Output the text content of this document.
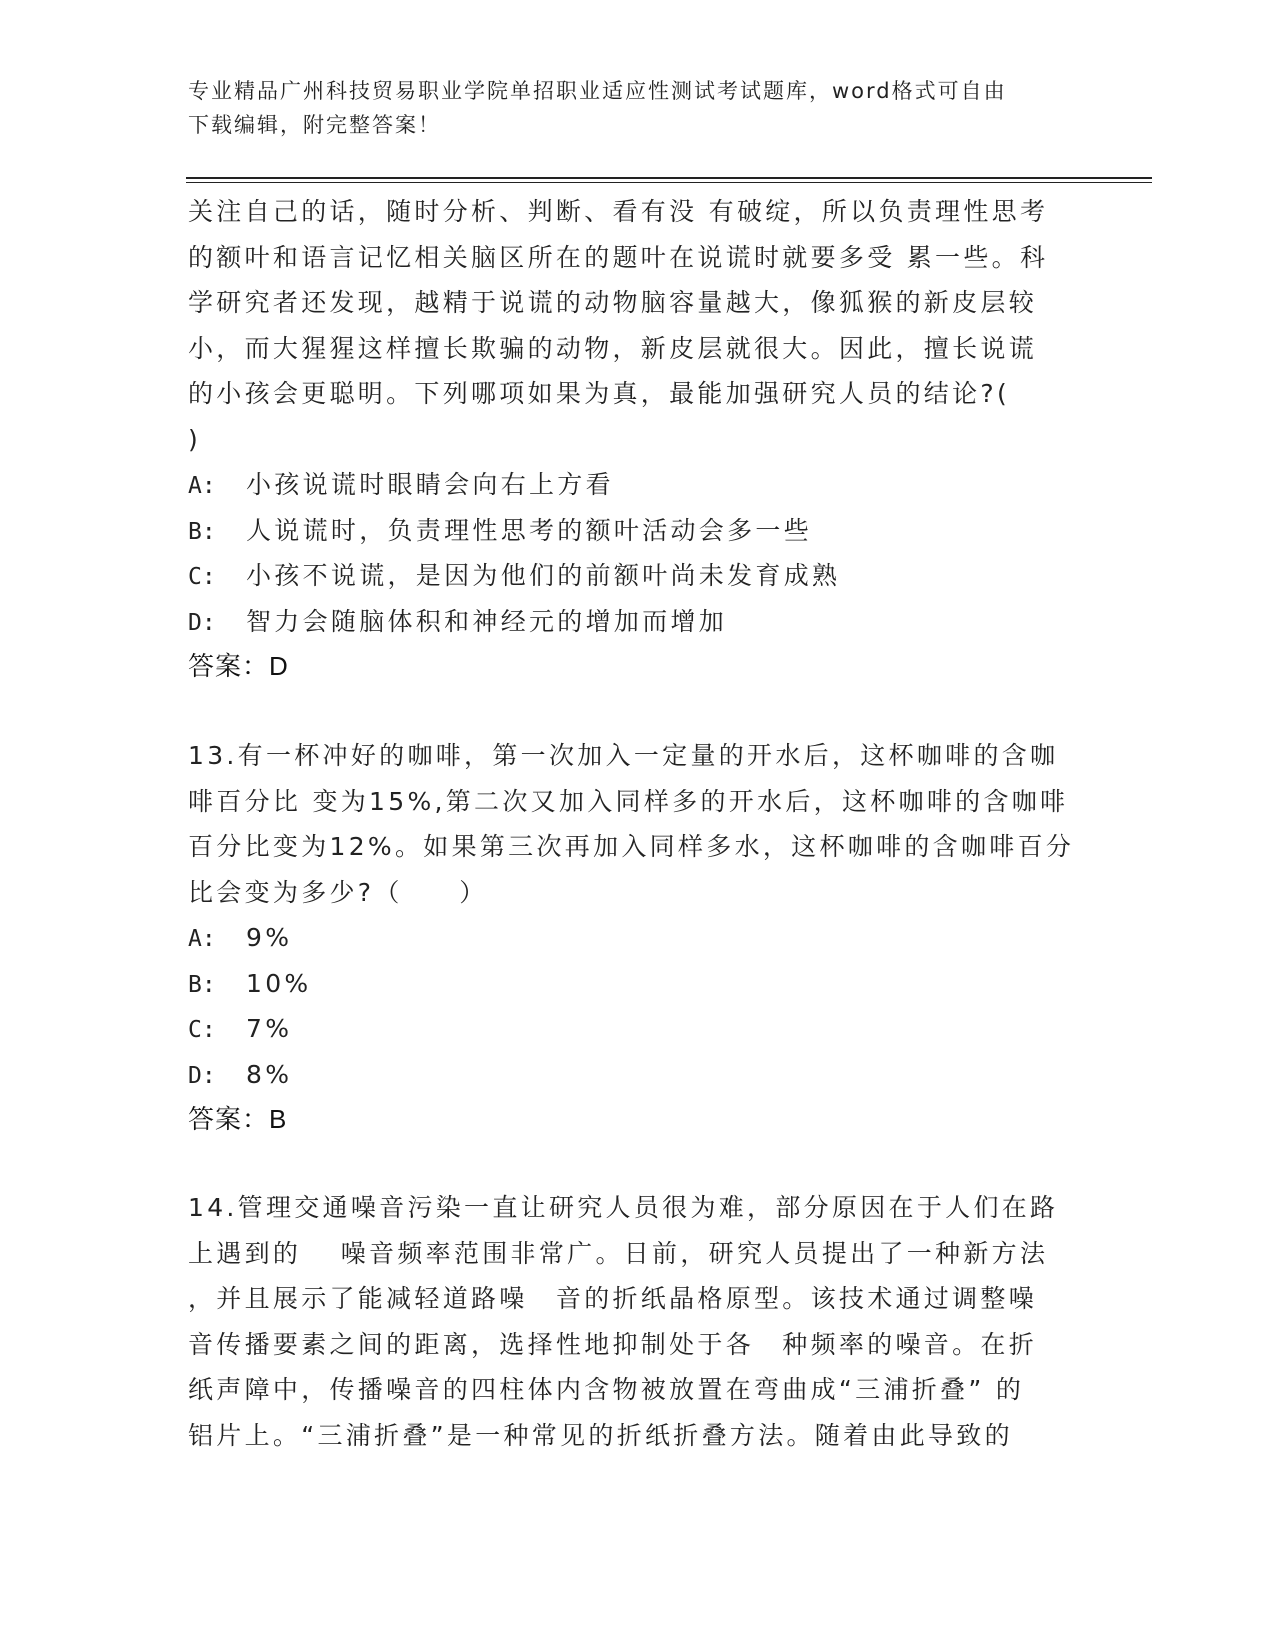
专业精品广州科技贸易职业学院单招职业适应性测试考试题库，word格式可自由
下载编辑，附完整答案！
关注自己的话，随时分析、判断、看有没 有破绽，所以负责理性思考
的额叶和语言记忆相关脑区所在的题叶在说谎时就要多受 累一些。科
学研究者还发现，越精于说谎的动物脑容量越大，像狐猴的新皮层较
小，而大猩猩这样擅长欺骗的动物，新皮层就很大。因此，擅长说谎
的小孩会更聪明。下列哪项如果为真，最能加强研究人员的结论?(
)
A: 小孩说谎时眼睛会向右上方看
B: 人说谎时，负责理性思考的额叶活动会多一些
C: 小孩不说谎，是因为他们的前额叶尚未发育成熟
D: 智力会随脑体积和神经元的增加而增加
答案：D
13.有一杯冲好的咖啡，第一次加入一定量的开水后，这杯咖啡的含咖
啡百分比 变为15%,第二次又加入同样多的开水后，这杯咖啡的含咖啡
百分比变为12%。如果第三次再加入同样多水，这杯咖啡的含咖啡百分
比会变为多少?（　　）
A: 9%
B: 10%
C: 7%
D: 8%
答案：B
14.管理交通噪音污染一直让研究人员很为难，部分原因在于人们在路
上遇到的　 噪音频率范围非常广。日前，研究人员提出了一种新方法
，并且展示了能减轻道路噪　音的折纸晶格原型。该技术通过调整噪
音传播要素之间的距离，选择性地抑制处于各　种频率的噪音。在折
纸声障中，传播噪音的四柱体内含物被放置在弯曲成“三浦折叠” 的
铝片上。“三浦折叠”是一种常见的折纸折叠方法。随着由此导致的
